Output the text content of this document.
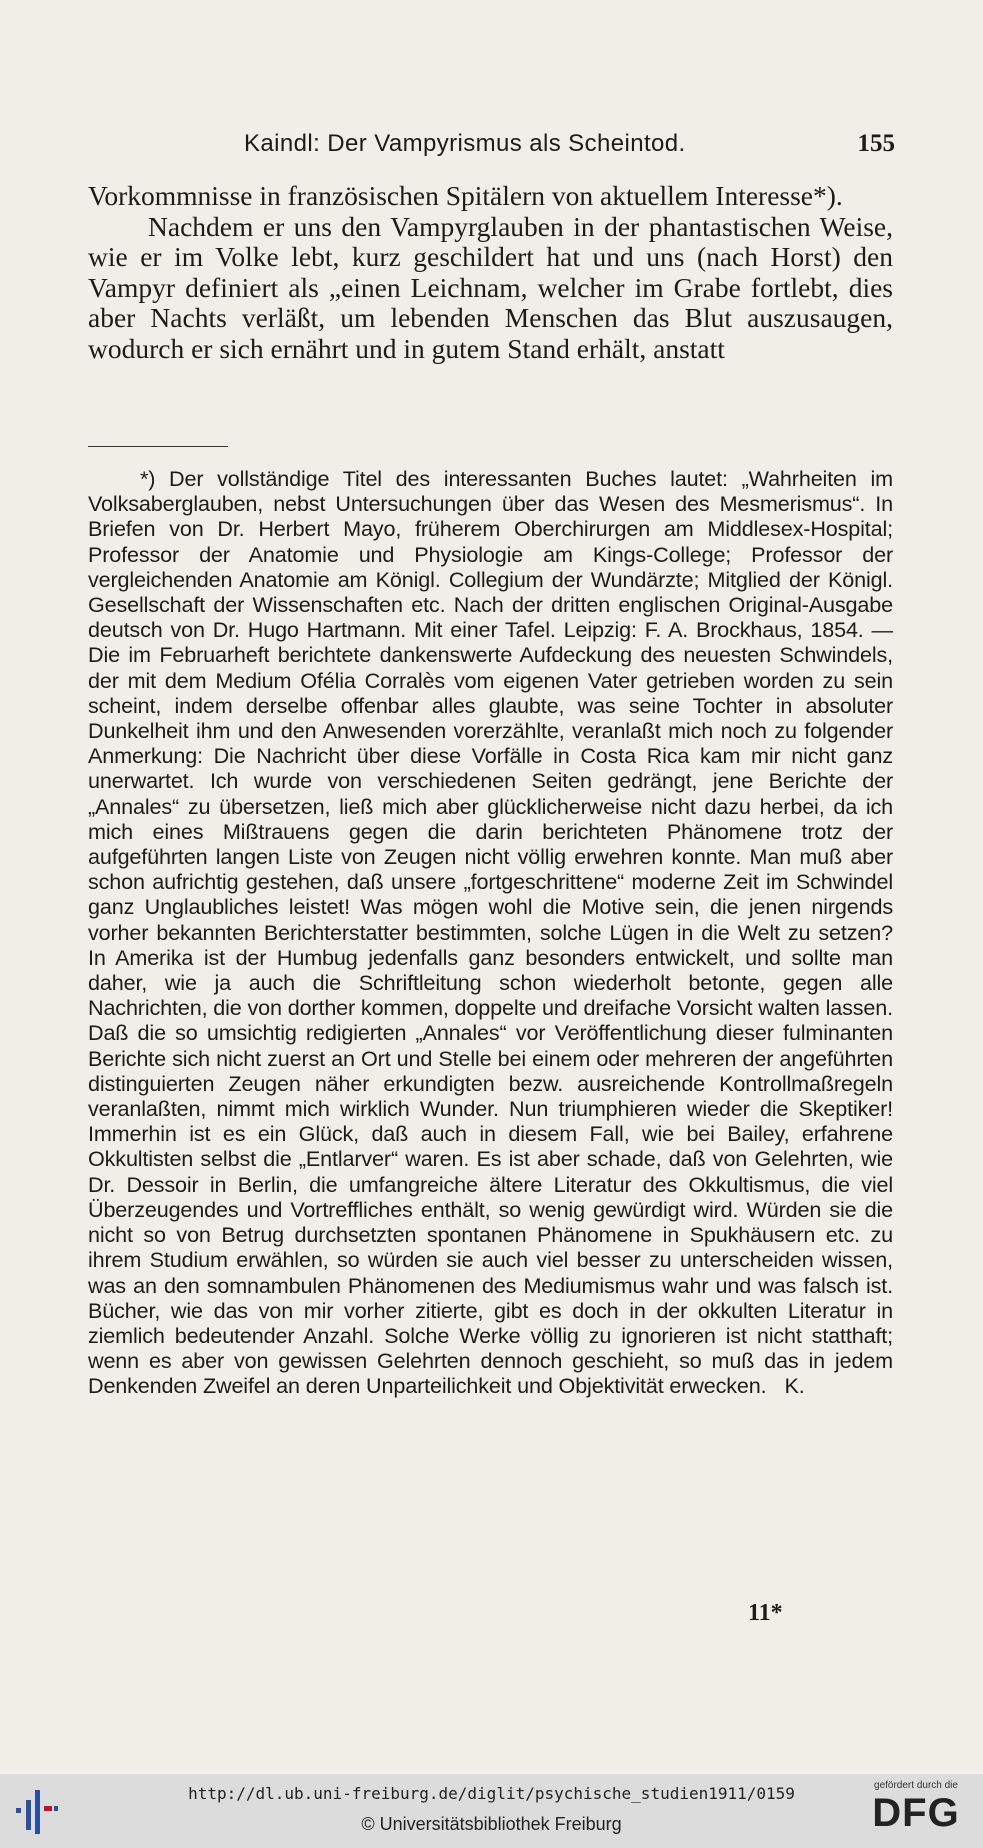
Kaindl: Der Vampyrismus als Scheintod.	155

Vorkommnisse in französischen Spitälern von aktuellem Interesse*).

Nachdem er uns den Vampyrglauben in der phantastischen Weise, wie er im Volke lebt, kurz geschildert hat und uns (nach Horst) den Vampyr definiert als „einen Leichnam, welcher im Grabe fortlebt, dies aber Nachts verläßt, um lebenden Menschen das Blut auszusaugen, wodurch er sich ernährt und in gutem Stand erhält, anstatt

*) Der vollständige Titel des interessanten Buches lautet: „Wahrheiten im Volksaberglauben, nebst Untersuchungen über das Wesen des Mesmerismus“. In Briefen von Dr. Herbert Mayo, früherem Oberchirurgen am Middlesex-Hospital; Professor der Anatomie und Physiologie am Kings-College; Professor der vergleichenden Anatomie am Königl. Collegium der Wundärzte; Mitglied der Königl. Gesellschaft der Wissenschaften etc. Nach der dritten englischen Original-Ausgabe deutsch von Dr. Hugo Hartmann. Mit einer Tafel. Leipzig: F. A. Brockhaus, 1854. — Die im Februarheft berichtete dankenswerte Aufdeckung des neuesten Schwindels, der mit dem Medium Ofélia Corralès vom eigenen Vater getrieben worden zu sein scheint, indem derselbe offenbar alles glaubte, was seine Tochter in absoluter Dunkelheit ihm und den Anwesenden vorerzählte, veranlaßt mich noch zu folgender Anmerkung: Die Nachricht über diese Vorfälle in Costa Rica kam mir nicht ganz unerwartet. Ich wurde von verschiedenen Seiten gedrängt, jene Berichte der „Annales“ zu übersetzen, ließ mich aber glücklicherweise nicht dazu herbei, da ich mich eines Mißtrauens gegen die darin berichteten Phänomene trotz der aufgeführten langen Liste von Zeugen nicht völlig erwehren konnte. Man muß aber schon aufrichtig gestehen, daß unsere „fortgeschrittene“ moderne Zeit im Schwindel ganz Unglaubliches leistet! Was mögen wohl die Motive sein, die jenen nirgends vorher bekannten Berichterstatter bestimmten, solche Lügen in die Welt zu setzen? In Amerika ist der Humbug jedenfalls ganz besonders entwickelt, und sollte man daher, wie ja auch die Schriftleitung schon wiederholt betonte, gegen alle Nachrichten, die von dorther kommen, doppelte und dreifache Vorsicht walten lassen. Daß die so umsichtig redigierten „Annales“ vor Veröffentlichung dieser fulminanten Berichte sich nicht zuerst an Ort und Stelle bei einem oder mehreren der angeführten distinguierten Zeugen näher erkundigten bezw. ausreichende Kontrollmaßregeln veranlaßten, nimmt mich wirklich Wunder. Nun triumphieren wieder die Skeptiker! Immerhin ist es ein Glück, daß auch in diesem Fall, wie bei Bailey, erfahrene Okkultisten selbst die „Entlarver“ waren. Es ist aber schade, daß von Gelehrten, wie Dr. Dessoir in Berlin, die umfangreiche ältere Literatur des Okkultismus, die viel Überzeugendes und Vortreffliches enthält, so wenig gewürdigt wird. Würden sie die nicht so von Betrug durchsetzten spontanen Phänomene in Spukhäusern etc. zu ihrem Studium erwählen, so würden sie auch viel besser zu unterscheiden wissen, was an den somnambulen Phänomenen des Mediumismus wahr und was falsch ist. Bücher, wie das von mir vorher zitierte, gibt es doch in der okkulten Literatur in ziemlich bedeutender Anzahl. Solche Werke völlig zu ignorieren ist nicht statthaft; wenn es aber von gewissen Gelehrten dennoch geschieht, so muß das in jedem Denkenden Zweifel an deren Unparteilichkeit und Objektivität erwecken. K.

11*
http://dl.ub.uni-freiburg.de/diglit/psychische_studien1911/0159
© Universitätsbibliothek Freiburg
gefördert durch die
DFG
